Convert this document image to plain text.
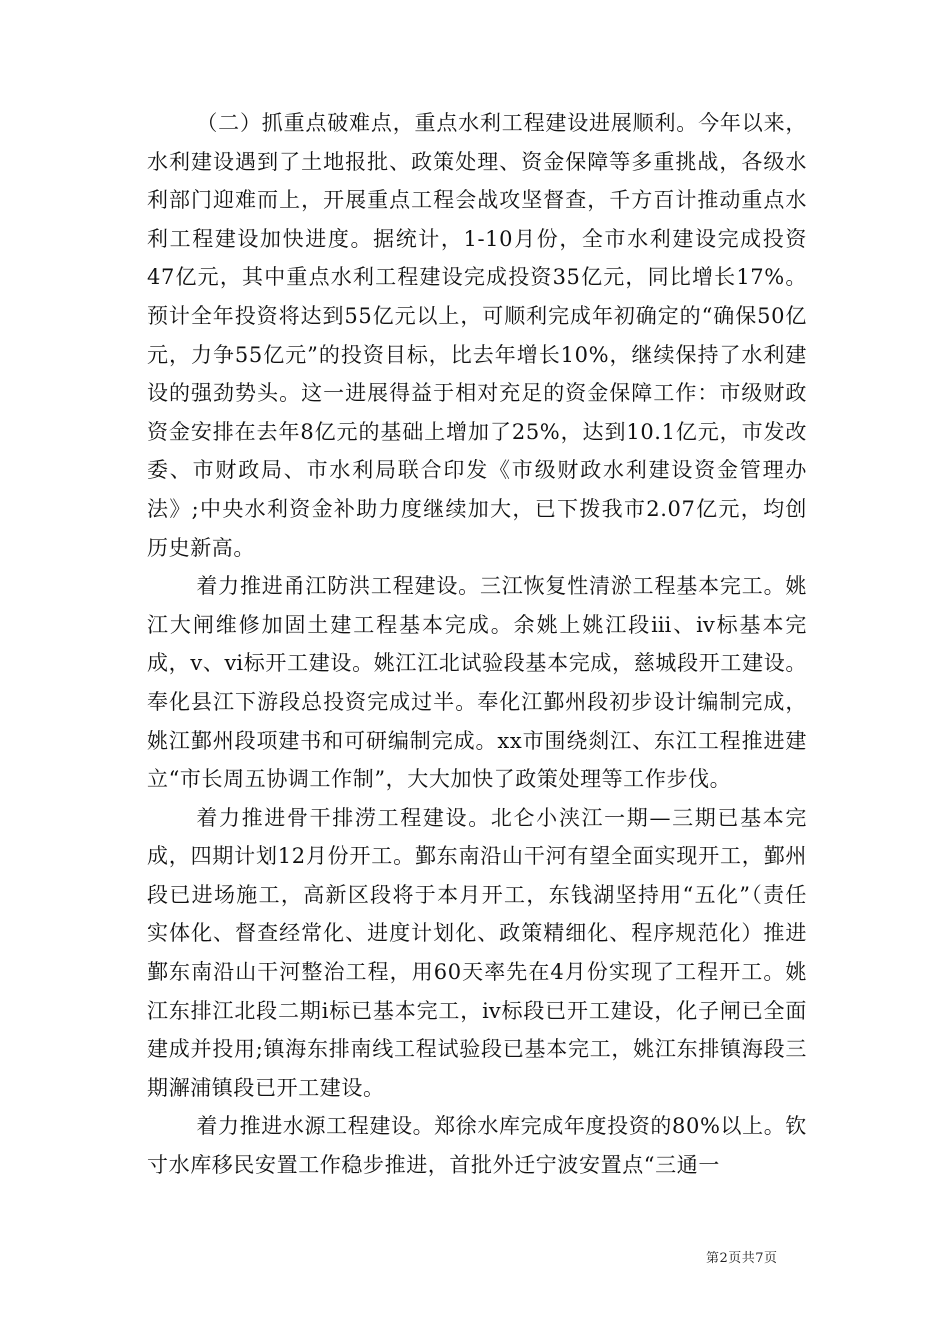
（二）抓重点破难点，重点水利工程建设进展顺利。今年以来，水利建设遇到了土地报批、政策处理、资金保障等多重挑战，各级水利部门迎难而上，开展重点工程会战攻坚督查，千方百计推动重点水利工程建设加快进度。据统计，1-10月份，全市水利建设完成投资47亿元，其中重点水利工程建设完成投资35亿元，同比增长17%。预计全年投资将达到55亿元以上，可顺利完成年初确定的“确保50亿元，力争55亿元”的投资目标，比去年增长10%，继续保持了水利建设的强劲势头。这一进展得益于相对充足的资金保障工作：市级财政资金安排在去年8亿元的基础上增加了25%，达到10.1亿元，市发改委、市财政局、市水利局联合印发《市级财政水利建设资金管理办法》;中央水利资金补助力度继续加大，已下拨我市2.07亿元，均创历史新高。

着力推进甬江防洪工程建设。三江恢复性清淤工程基本完工。姚江大闸维修加固土建工程基本完成。余姚上姚江段ⅲ、ⅳ标基本完成，ⅴ、ⅵ标开工建设。姚江江北试验段基本完成，慈城段开工建设。奉化县江下游段总投资完成过半。奉化江鄞州段初步设计编制完成，姚江鄞州段项建书和可研编制完成。xx市围绕剡江、东江工程推进建立“市长周五协调工作制”，大大加快了政策处理等工作步伐。

着力推进骨干排涝工程建设。北仑小浃江一期—三期已基本完成，四期计划12月份开工。鄞东南沿山干河有望全面实现开工，鄞州段已进场施工，高新区段将于本月开工，东钱湖坚持用“五化”（责任实体化、督查经常化、进度计划化、政策精细化、程序规范化）推进鄞东南沿山干河整治工程，用60天率先在4月份实现了工程开工。姚江东排江北段二期ⅰ标已基本完工，ⅳ标段已开工建设，化子闸已全面建成并投用;镇海东排南线工程试验段已基本完工，姚江东排镇海段三期澥浦镇段已开工建设。

着力推进水源工程建设。郑徐水库完成年度投资的80%以上。钦寸水库移民安置工作稳步推进，首批外迁宁波安置点“三通一

第2页共7页
